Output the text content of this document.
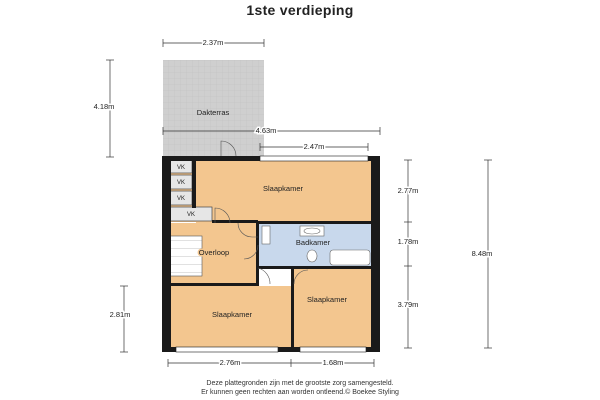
1ste verdieping
2.37m
4.18m
4.63m
2.47m
2.77m
1.78m
3.79m
8.48m
2.81m
2.76m	1.68m
Dakterras
Slaapkamer
Badkamer
Overloop
Slaapkamer
Slaapkamer
VK
VK
VK
VK
Deze plattegronden zijn met de grootste zorg samengesteld.
Er kunnen geen rechten aan worden ontleend.© Boekee Styling
